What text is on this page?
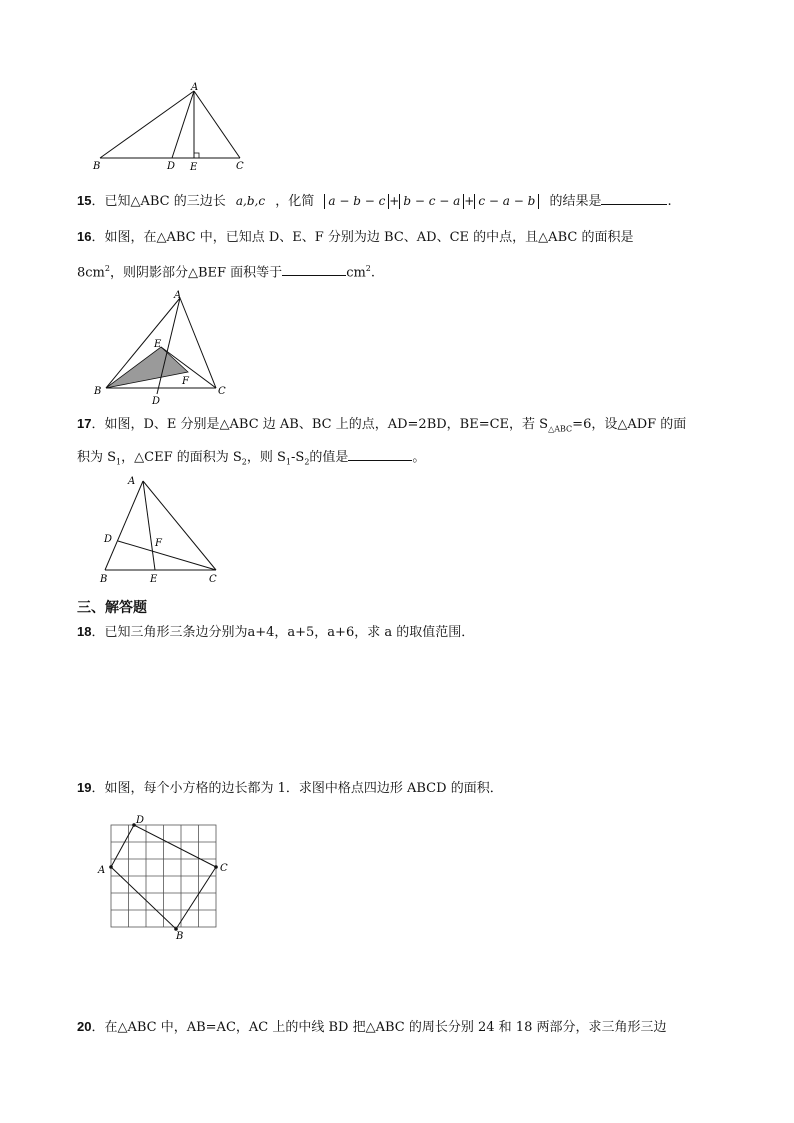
A
B	D E	C
15．已知△ABC 的三边长 a,b,c ，化简 a − b − c + b − c − a + c − a − b 的结果是	.
16．如图，在△ABC 中，已知点 D、E、F 分别为边 BC、AD、CE 的中点，且△ABC 的面积是
$8cm^2$，则阴影部分△BEF 面积等于	$cm^2$.
A
E
F
B
D
C
17．如图，D、E 分别是△ABC 边 AB、BC 上的点，AD=2BD，BE=CE，若 $S_{\triangle ABC}=6$，设△ADF 的面
积为 $S_1$，△CEF 的面积为 $S_2$，则 $S_1-S_2$的值是	。
A
D	F
B	E	C
三、解答题
18．已知三角形三条边分别为a+4，a+5，a+6，求 a 的取值范围．
19．如图，每个小方格的边长都为 1．求图中格点四边形 ABCD 的面积．
A
D
C
B
20．在△ABC 中，AB=AC，AC 上的中线 BD 把△ABC 的周长分别 24 和 18 两部分，求三角形三边
